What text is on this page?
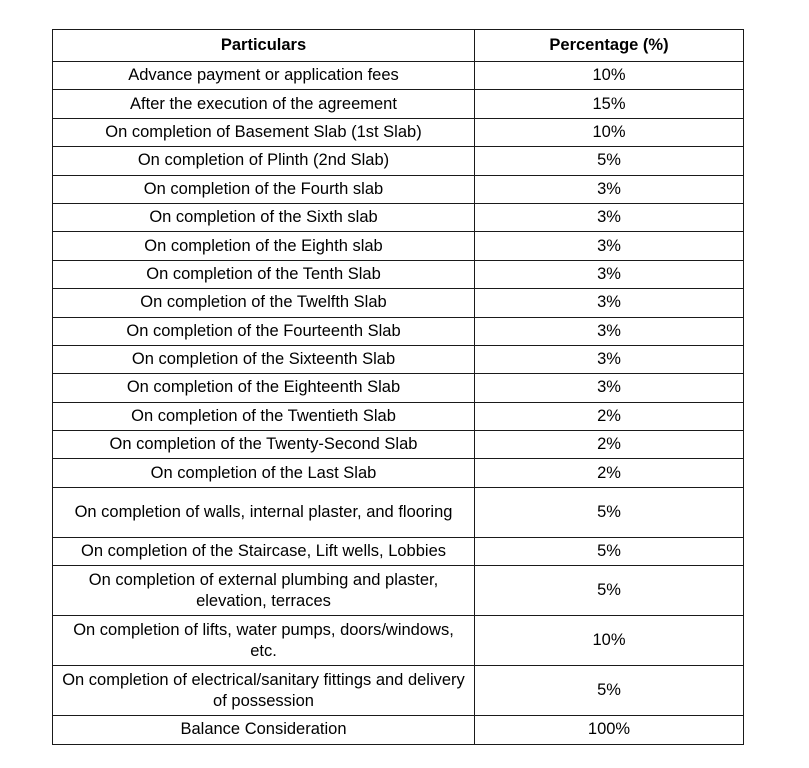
Particulars	Percentage (%)
Advance payment or application fees	10%
After the execution of the agreement	15%
On completion of Basement Slab (1st Slab)	10%
On completion of Plinth (2nd Slab)	5%
On completion of the Fourth slab	3%
On completion of the Sixth slab	3%
On completion of the Eighth slab	3%
On completion of the Tenth Slab	3%
On completion of the Twelfth Slab	3%
On completion of the Fourteenth Slab	3%
On completion of the Sixteenth Slab	3%
On completion of the Eighteenth Slab	3%
On completion of the Twentieth Slab	2%
On completion of the Twenty-Second Slab	2%
On completion of the Last Slab	2%
On completion of walls, internal plaster, and flooring	5%
On completion of the Staircase, Lift wells, Lobbies	5%
On completion of external plumbing and plaster, elevation, terraces	5%
On completion of lifts, water pumps, doors/windows, etc.	10%
On completion of electrical/sanitary fittings and delivery of possession	5%
Balance Consideration	100%
